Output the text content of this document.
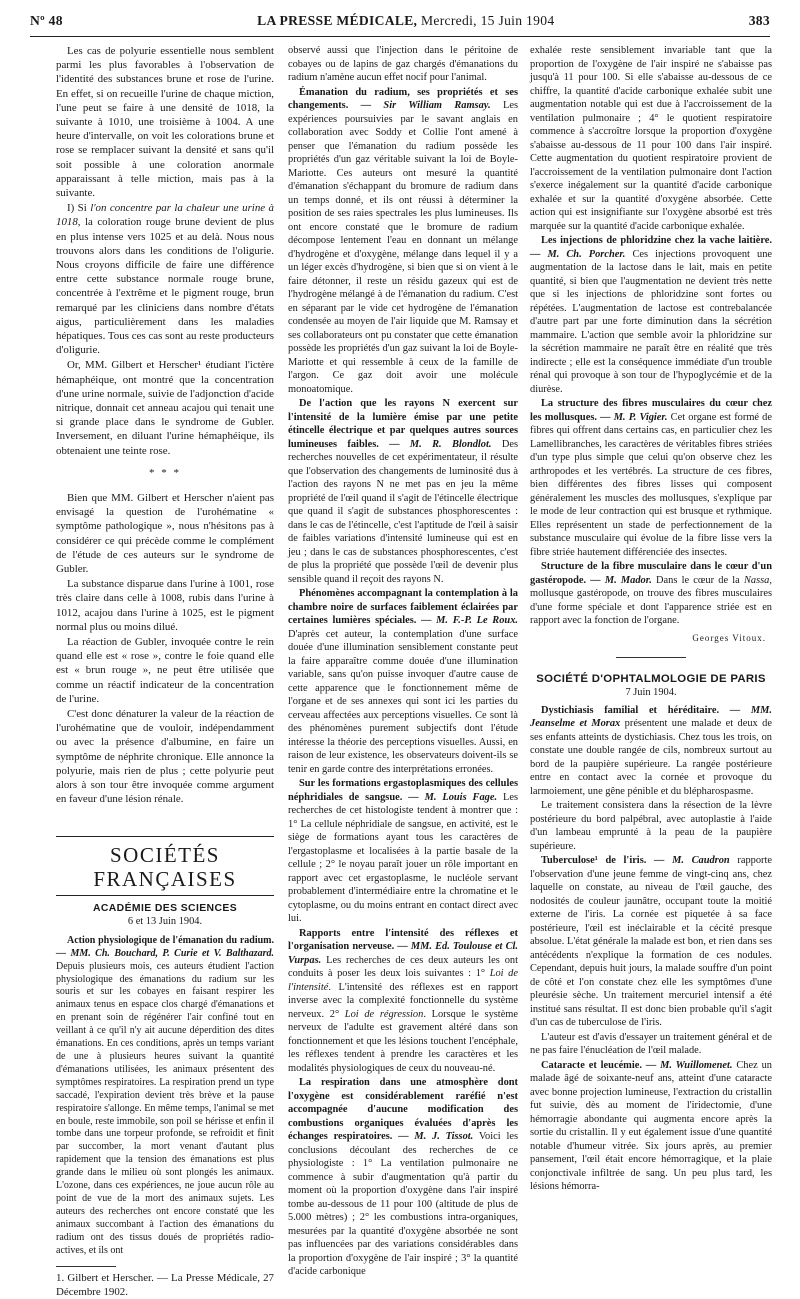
Nº 48	LA PRESSE MÉDICALE, Mercredi, 15 Juin 1904	383

Les cas de polyurie essentielle nous semblent parmi les plus favorables à l'observation de l'identité des substances brune et rose de l'urine. En effet, si on recueille l'urine de chaque miction, l'une peut se faire à une densité de 1018, la suivante à 1010, une troisième à 1004. A une heure d'intervalle, on voit les colorations brune et rose se remplacer suivant la densité et sans qu'il soit possible à une coloration anormale apparaissant à telle miction, mais pas à la suivante.

I) Si l'on concentre par la chaleur une urine à 1018, la coloration rouge brune devient de plus en plus intense vers 1025 et au delà. Nous nous trouvons alors dans les conditions de l'oligurie. Nous croyons difficile de faire une différence entre cette substance normale rouge brune, concentrée à l'extrême et le pigment rouge, brun remarqué par les cliniciens dans nombre d'états aigus, particulièrement dans les maladies hépatiques. Tous ces cas sont au reste producteurs d'oligurie.

Or, MM. Gilbert et Herscher¹ étudiant l'ictère hémaphéique, ont montré que la concentration d'une urine normale, suivie de l'adjonction d'acide nitrique, donnait cet anneau acajou qui tenait une si grande place dans le syndrome de Gubler. Inversement, en diluant l'urine hémaphéique, ils obtenaient une teinte rose.

* * *

Bien que MM. Gilbert et Herscher n'aient pas envisagé la question de l'urohématine « symptôme pathologique », nous n'hésitons pas à considérer ce qui précède comme le complément de l'étude de ces auteurs sur le syndrome de Gubler.

La substance disparue dans l'urine à 1001, rose très claire dans celle à 1008, rubis dans l'urine à 1012, acajou dans l'urine à 1025, est le pigment normal plus ou moins dilué.

La réaction de Gubler, invoquée contre le rein quand elle est « rose », contre le foie quand elle est « brun rouge », ne peut être utilisée que comme un réactif indicateur de la concentration de l'urine.

C'est donc dénaturer la valeur de la réaction de l'urohématine que de vouloir, indépendamment ou avec la présence d'albumine, en faire un symptôme de néphrite chronique. Elle annonce la polyurie, mais rien de plus ; cette polyurie peut alors à son tour être invoquée comme argument en faveur d'une lésion rénale.

SOCIÉTÉS FRANÇAISES
ACADÉMIE DES SCIENCES
6 et 13 Juin 1904.

Action physiologique de l'émanation du radium. — MM. Ch. Bouchard, P. Curie et V. Balthazard. Depuis plusieurs mois, ces auteurs étudient l'action physiologique des émanations du radium sur les souris et sur les cobayes en faisant respirer les animaux tenus en espace clos chargé d'émanations et en prenant soin de régénérer l'air confiné tout en veillant à ce qu'il n'y ait aucune déperdition des dites émanations. En ces conditions, après un temps variant de une à plusieurs heures suivant la quantité d'émanations utilisées, les animaux présentent des symptômes respiratoires. La respiration prend un type saccadé, l'expiration devient très brève et la pause respiratoire s'allonge. En même temps, l'animal se met en boule, reste immobile, son poil se hérisse et enfin il tombe dans une torpeur profonde, se refroidit et finit par succomber, la mort venant d'autant plus rapidement que la tension des émanations est plus grande dans le milieu où sont plongés les animaux. L'ozone, dans ces expériences, ne joue aucun rôle au point de vue de la mort des animaux sujets. Les auteurs des recherches ont encore constaté que les animaux succombant à l'action des émanations du radium ont des tissus doués de propriétés radio-actives, et ils ont

1. Gilbert et Herscher. — La Presse Médicale, 27 Décembre 1902.

observé aussi que l'injection dans le péritoine de cobayes ou de lapins de gaz chargés d'émanations du radium n'amène aucun effet nocif pour l'animal.

Émanation du radium, ses propriétés et ses changements. — Sir William Ramsay. Les expériences poursuivies par le savant anglais en collaboration avec Soddy et Collie l'ont amené à penser que l'émanation du radium possède les propriétés d'un gaz véritable suivant la loi de Boyle-Mariotte. Ces auteurs ont mesuré la quantité d'émanation s'échappant du bromure de radium dans un temps donné, et ils ont réussi à déterminer la position de ses raies spectrales les plus lumineuses. Ils ont encore constaté que le bromure de radium décompose lentement l'eau en donnant un mélange d'hydrogène et d'oxygène, mélange dans lequel il y a un léger excès d'hydrogène, si bien que si on vient à le faire détonner, il reste un résidu gazeux qui est de l'hydrogène mélangé à de l'émanation du radium. C'est en séparant par le vide cet hydrogène de l'émanation condensée au moyen de l'air liquide que M. Ramsay et ses collaborateurs ont pu constater que cette émanation possède les propriétés d'un gaz suivant la loi de Boyle-Mariotte et qui ressemble à ceux de la famille de l'argon. Ce gaz doit avoir une molécule monoatomique.

De l'action que les rayons N exercent sur l'intensité de la lumière émise par une petite étincelle électrique et par quelques autres sources lumineuses faibles. — M. R. Blondlot. Des recherches nouvelles de cet expérimentateur, il résulte que l'observation des changements de luminosité dus à l'action des rayons N ne met pas en jeu la même propriété de l'œil quand il s'agit de l'étincelle électrique que quand il s'agit de substances phosphorescentes : dans le cas de l'étincelle, c'est l'aptitude de l'œil à saisir de faibles variations d'intensité lumineuse qui est en jeu ; dans le cas de substances phosphorescentes, c'est de plus la propriété que possède l'œil de devenir plus sensible quand il reçoit des rayons N.

Phénomènes accompagnant la contemplation à la chambre noire de surfaces faiblement éclairées par certaines lumières spéciales. — M. F.-P. Le Roux. D'après cet auteur, la contemplation d'une surface douée d'une illumination sensiblement constante peut la faire apparaître comme douée d'une illumination variable, sans qu'on puisse invoquer d'autre cause de cette apparence que le fonctionnement même de l'organe et de ses annexes qui sont ici les parties du cerveau affectées aux perceptions visuelles. Ce sont là des phénomènes purement subjectifs dont l'étude intéresse la théorie des perceptions visuelles. Aussi, en raison de leur existence, les observateurs doivent-ils se tenir en garde contre des interprétations erronées.

Sur les formations ergastoplasmiques des cellules néphridiales de sangsue. — M. Louis Fage. Les recherches de cet histologiste tendent à montrer que : 1° La cellule néphridiale de sangsue, en activité, est le siège de formations ayant tous les caractères de l'ergastoplasme et localisées à la partie basale de la cellule ; 2° le noyau paraît jouer un rôle important en rapport avec cet ergastoplasme, le nucléole servant probablement d'intermédiaire entre la chromatine et le cytoplasme, ou du moins entrant en contact direct avec lui.

Rapports entre l'intensité des réflexes et l'organisation nerveuse. — MM. Ed. Toulouse et Cl. Vurpas. Les recherches de ces deux auteurs les ont conduits à poser les deux lois suivantes : 1° Loi de l'intensité. L'intensité des réflexes est en rapport inverse avec la complexité fonctionnelle du système nerveux. 2° Loi de régression. Lorsque le système nerveux de l'adulte est gravement altéré dans son fonctionnement et que les lésions touchent l'encéphale, les réflexes tendent à prendre les caractères et les modalités physiologiques de ceux du nouveau-né.

La respiration dans une atmosphère dont l'oxygène est considérablement raréfié n'est accompagnée d'aucune modification des combustions organiques évaluées d'après les échanges respiratoires. — M. J. Tissot. Voici les conclusions découlant des recherches de ce physiologiste : 1° La ventilation pulmonaire ne commence à subir d'augmentation qu'à partir du moment où la proportion d'oxygène dans l'air inspiré tombe au-dessous de 11 pour 100 (altitude de plus de 5.000 mètres) ; 2° les combustions intra-organiques, mesurées par la quantité d'oxygène absorbée ne sont pas influencées par des variations considérables dans la proportion d'oxygène de l'air inspiré ; 3° la quantité d'acide carbonique

exhalée reste sensiblement invariable tant que la proportion de l'oxygène de l'air inspiré ne s'abaisse pas jusqu'à 11 pour 100. Si elle s'abaisse au-dessous de ce chiffre, la quantité d'acide carbonique exhalée subit une augmentation notable qui est due à l'accroissement de la ventilation pulmonaire ; 4° le quotient respiratoire commence à s'accroître lorsque la proportion d'oxygène s'abaisse au-dessous de 11 pour 100 dans l'air inspiré. Cette augmentation du quotient respiratoire provient de l'accroissement de la ventilation pulmonaire dont l'action s'exerce inégalement sur la quantité d'acide carbonique exhalée et sur la quantité d'oxygène absorbée. Cette action qui est insignifiante sur l'oxygène absorbé est très marquée sur la quantité d'acide carbonique exhalée.

Les injections de phloridzine chez la vache laitière. — M. Ch. Porcher. Ces injections provoquent une augmentation de la lactose dans le lait, mais en petite quantité, si bien que l'augmentation ne devient très nette que si les injections de phloridzine sont fortes ou répétées. L'augmentation de lactose est contrebalancée d'autre part par une forte diminution dans la sécrétion mammaire. L'action que semble avoir la phloridzine sur la sécrétion mammaire ne paraît être en réalité que très indirecte ; elle est la conséquence immédiate d'un trouble rénal qui provoque à son tour de l'hypoglycémie et de la diurèse.

La structure des fibres musculaires du cœur chez les mollusques. — M. P. Vigier. Cet organe est formé de fibres qui offrent dans certains cas, en particulier chez les Lamellibranches, les caractères de véritables fibres striées d'un type plus simple que celui qu'on observe chez les arthropodes et les vertébrés. La structure de ces fibres, bien différentes des fibres lisses qui composent généralement les muscles des mollusques, s'explique par le mode de leur contraction qui est brusque et rythmique. Elles représentent un stade de perfectionnement de la substance musculaire qui évolue de la fibre lisse vers la fibre striée hautement différenciée des insectes.

Structure de la fibre musculaire dans le cœur d'un gastéropode. — M. Mador. Dans le cœur de la Nassa, mollusque gastéropode, on trouve des fibres musculaires d'une forme spéciale et dont l'apparence striée est en rapport avec la fonction de l'organe.

Georges Vitoux.
SOCIÉTÉ D'OPHTALMOLOGIE DE PARIS
7 Juin 1904.

Dystichiasis familial et héréditaire. — MM. Jeanselme et Morax présentent une malade et deux de ses enfants atteints de dystichiasis. Chez tous les trois, on constate une double rangée de cils, nombreux surtout au bord de la paupière supérieure. La rangée postérieure entre en contact avec la cornée et provoque du larmoiement, une gêne pénible et du blépharospasme.

Le traitement consistera dans la résection de la lèvre postérieure du bord palpébral, avec autoplastie à l'aide d'un lambeau emprunté à la peau de la paupière supérieure.

Tuberculose¹ de l'iris. — M. Caudron rapporte l'observation d'une jeune femme de vingt-cinq ans, chez laquelle on constate, au niveau de l'œil gauche, des nodosités de couleur jaunâtre, occupant toute la moitié externe de l'iris. La cornée est piquetée à sa face postérieure, l'œil est inéclairable et la cécité presque absolue. L'état générale la malade est bon, et rien dans ses antécédents n'explique la formation de ces nodules. Cependant, depuis huit jours, la malade souffre d'un point de côté et l'on constate chez elle les symptômes d'une pleurésie sèche. Un traitement mercuriel intensif a été institué sans résultat. Il est donc bien probable qu'il s'agit d'un cas de tuberculose de l'iris.

L'auteur est d'avis d'essayer un traitement général et de ne pas faire l'énucléation de l'œil malade.

Cataracte et leucémie. — M. Wuillomenet. Chez un malade âgé de soixante-neuf ans, atteint d'une cataracte avec bonne projection lumineuse, l'extraction du cristallin fut suivie, dès au moment de l'iridectomie, d'une hémorragie abondante qui augmenta encore après la sortie du cristallin. Il y eut également issue d'une quantité notable d'humeur vitrée. Six jours après, au premier pansement, l'œil était encore hémorragique, et la plaie conjonctivale infiltrée de sang. Un peu plus tard, les lésions hémorra-
